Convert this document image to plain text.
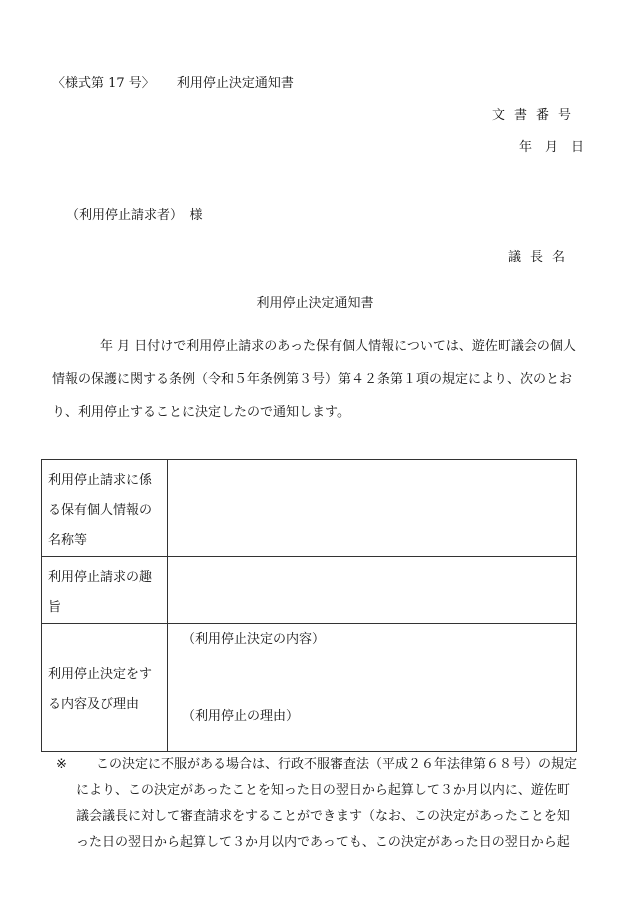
〈様式第 17 号〉 利用停止決定通知書
文書番号
年　月　日
（利用停止請求者）　様
議長名
利用停止決定通知書
年 月 日付けで利用停止請求のあった保有個人情報については、遊佐町議会の個人情報の保護に関する条例（令和５年条例第３号）第４２条第１項の規定により、次のとおり、利用停止することに決定したので通知します。
利用停止請求に係る保有個人情報の名称等	

利用停止請求の趣旨	

利用停止決定をする内容及び理由	（利用停止決定の内容）
（利用停止の理由）
※	この決定に不服がある場合は、行政不服審査法（平成２６年法律第６８号）の規定により、この決定があったことを知った日の翌日から起算して３か月以内に、遊佐町議会議長に対して審査請求をすることができます（なお、この決定があったことを知った日の翌日から起算して３か月以内であっても、この決定があった日の翌日から起
